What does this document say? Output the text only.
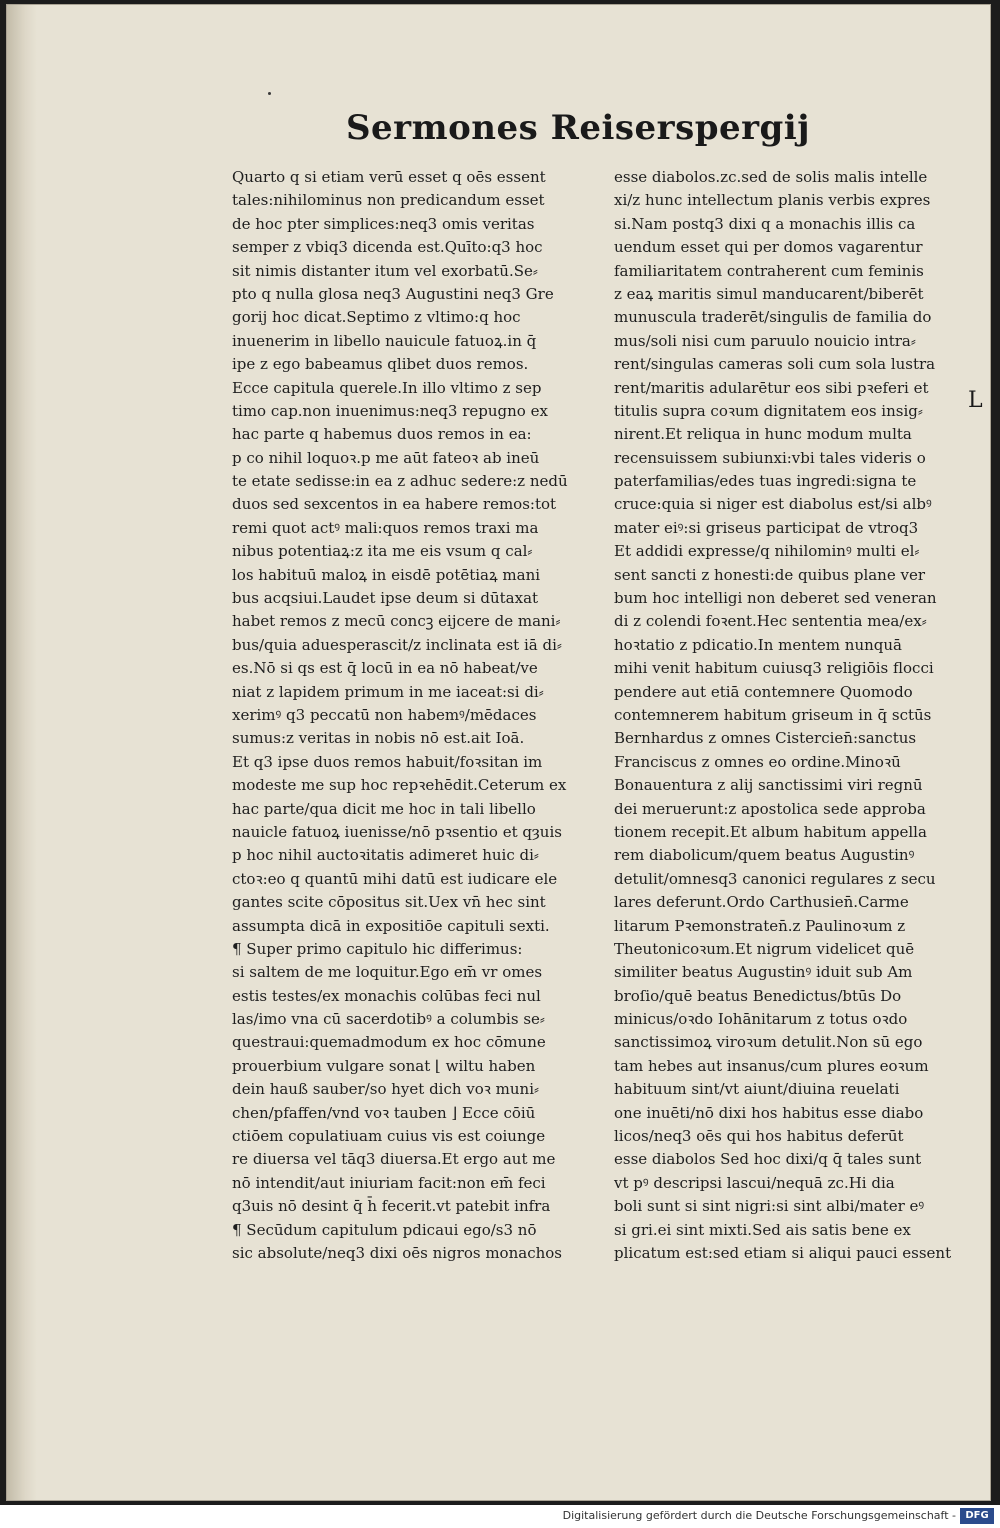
Sermones Reiserspergij
Quarto q si etiam verū esset q oēs essent
tales:nihilominus non predicandum esset
de hoc pter simplices:neq3 omis veritas
semper z vbiq3 dicenda est.Quīto:q3 hoc
sit nimis distanter itum vel exorbatū.Se⸗
pto q nulla glosa neq3 Augustini neq3 Gre
gorij hoc dicat.Septimo z vltimo:q hoc
inuenerim in libello nauicule fatuoꝝ.in q̄
ipe z ego babeamus qlibet duos remos.
Ecce capitula querele.In illo vltimo z sep
timo cap.non inuenimus:neq3 repugno ex
hac parte q habemus duos remos in ea:
p co nihil loquoꝛ.p me aūt fateoꝛ ab ineū
te etate sedisse:in ea z adhuc sedere:z nedū
duos sed sexcentos in ea habere remos:tot
remi quot actꝰ mali:quos remos traxi ma
nibus potentiaꝝ:z ita me eis vsum q cal⸗
los habituū maloꝝ in eisdē potētiaꝝ mani
bus acqsiui.Laudet ipse deum si dūtaxat
habet remos z mecū concꝫ eijcere de mani⸗
bus/quia aduesperascit/z inclinata est iā di⸗
es.Nō si qs est q̄ locū in ea nō habeat/ve
niat z lapidem primum in me iaceat:si di⸗
xerimꝰ q3 peccatū non habemꝰ/mēdaces
sumus:z veritas in nobis nō est.ait Ioā.
Et q3 ipse duos remos habuit/foꝛsitan im
modeste me sup hoc repꝛehēdit.Ceterum ex
hac parte/qua dicit me hoc in tali libello
nauicle fatuoꝝ iuenisse/nō pꝛsentio et qȝuis
p hoc nihil auctoꝛitatis adimeret huic di⸗
ctoꝛ:eo q quantū mihi datū est iudicare ele
gantes scite cōpositus sit.Uex vn̄ hec sint
assumpta dicā in expositiōe capituli sexti.
¶ Super primo capitulo hic differimus:
si saltem de me loquitur.Ego em̄ vr omes
estis testes/ex monachis colūbas feci nul
las/imo vna cū sacerdotibꝰ a columbis se⸗
questraui:quemadmodum ex hoc cōmune
prouerbium vulgare sonat ⌊ wiltu haben
dein hauß sauber/so hyet dich voꝛ muni⸗
chen/pfaffen/vnd voꝛ tauben ⌋ Ecce cōiū
ctiōem copulatiuam cuius vis est coiunge
re diuersa vel tāq3 diuersa.Et ergo aut me
nō intendit/aut iniuriam facit:non em̄ feci
q3uis nō desint q̄ h̄ fecerit.vt patebit infra
¶ Secūdum capitulum pdicaui ego/s3 nō
sic absolute/neq3 dixi oēs nigros monachos
esse diabolos.zc.sed de solis malis intelle
xi/z hunc intellectum planis verbis expres
si.Nam postq3 dixi q a monachis illis ca
uendum esset qui per domos vagarentur
familiaritatem contraherent cum feminis
z eaꝝ maritis simul manducarent/biberēt
munuscula traderēt/singulis de familia do
mus/soli nisi cum paruulo nouicio intra⸗
rent/singulas cameras soli cum sola lustra
rent/maritis adularētur eos sibi pꝛeferi et
titulis supra coꝛum dignitatem eos insig⸗
nirent.Et reliqua in hunc modum multa
recensuissem subiunxi:vbi tales videris o
paterfamilias/edes tuas ingredi:signa te
cruce:quia si niger est diabolus est/si albꝰ
mater eiꝰ:si griseus participat de vtroq3
Et addidi expresse/q nihilominꝰ multi el⸗
sent sancti z honesti:de quibus plane ver
bum hoc intelligi non deberet sed veneran
di z colendi foꝛent.Hec sententia mea/ex⸗
hoꝛtatio z pdicatio.In mentem nunquā
mihi venit habitum cuiusq3 religiōis flocci
pendere aut etiā contemnere Quomodo
contemnerem habitum griseum in q̄ sctūs
Bernhardus z omnes Cistercien̄:sanctus
Franciscus z omnes eo ordine.Minoꝛū
Bonauentura z alij sanctissimi viri regnū
dei meruerunt:z apostolica sede approba
tionem recepit.Et album habitum appella
rem diabolicum/quem beatus Augustinꝰ
detulit/omnesq3 canonici regulares z secu
lares deferunt.Ordo Carthusien̄.Carme
litarum Pꝛemonstraten̄.z Paulinoꝛum z
Theutonicoꝛum.Et nigrum videlicet quē
similiter beatus Augustinꝰ iduit sub Am
broſio/quē beatus Benedictus/btūs Do
minicus/oꝛdo Iohānitarum z totus oꝛdo
sanctissimoꝝ viroꝛum detulit.Non sū ego
tam hebes aut insanus/cum plures eoꝛum
habituum sint/vt aiunt/diuina reuelati
one inuēti/nō dixi hos habitus esse diabo
licos/neq3 oēs qui hos habitus deferūt
esse diabolos Sed hoc dixi/q q̄ tales sunt
vt pꝰ descripsi lascui/nequā zc.Hi dia
boli sunt si sint nigri:si sint albi/mater eꝰ
si gri.ei sint mixti.Sed ais satis bene ex
plicatum est:sed etiam si aliqui pauci essent
L
Digitalisierung gefördert durch die Deutsche Forschungsgemeinschaft - DFG
